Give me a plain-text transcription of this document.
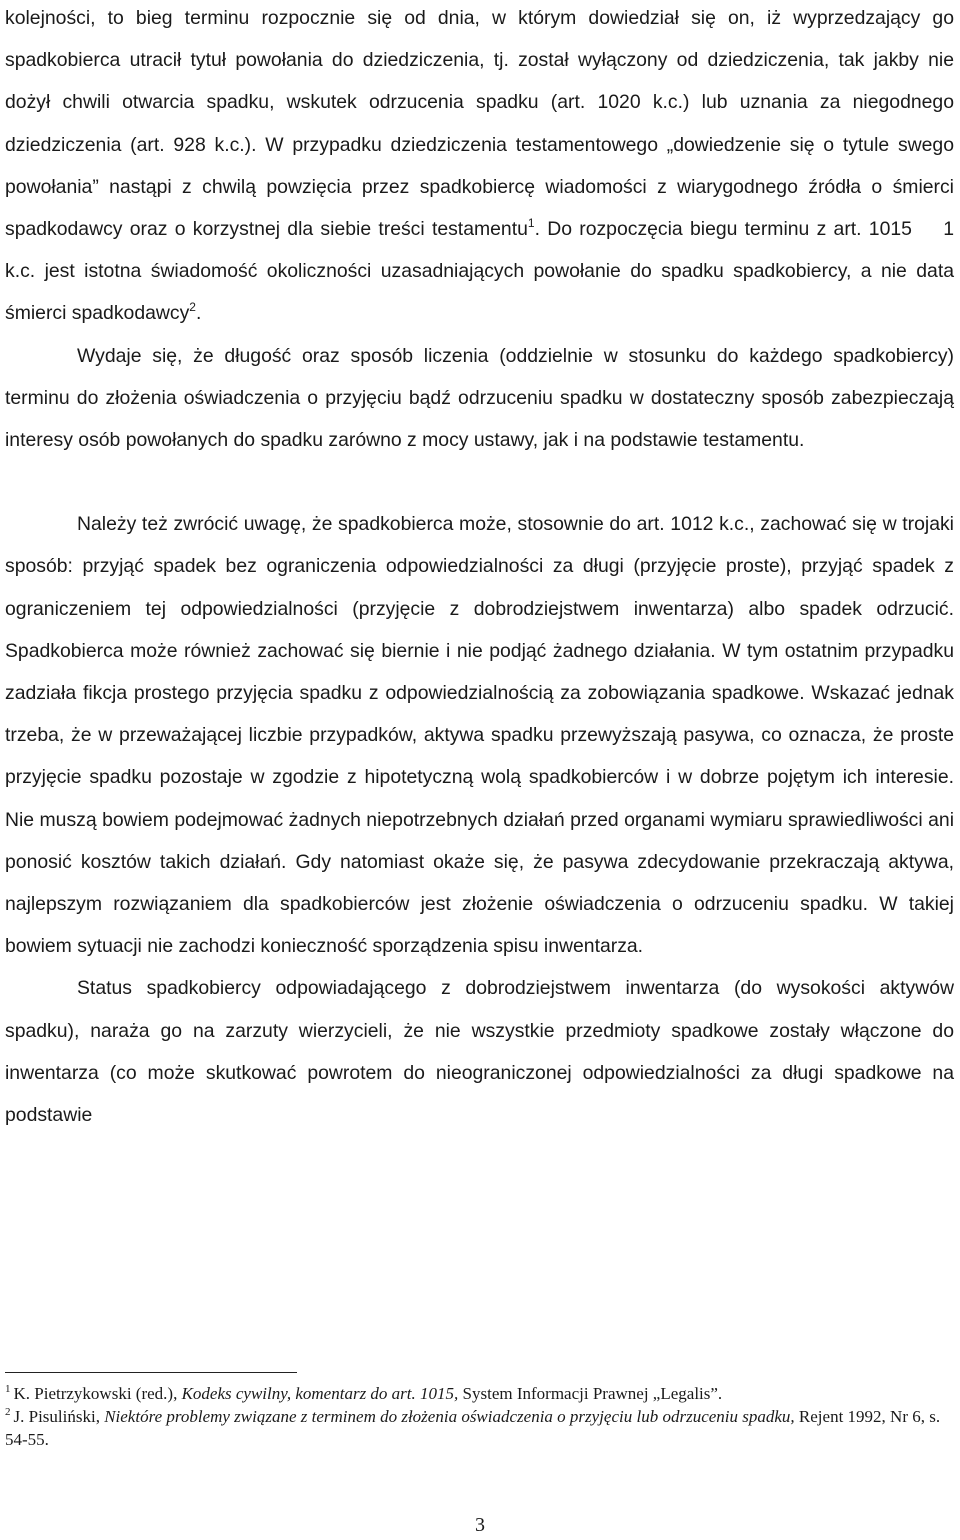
kolejności, to bieg terminu rozpocznie się od dnia, w którym dowiedział się on, iż wyprzedzający go spadkobierca utracił tytuł powołania do dziedziczenia, tj. został wyłączony od dziedziczenia, tak jakby nie dożył chwili otwarcia spadku, wskutek odrzucenia spadku (art. 1020 k.c.) lub uznania za niegodnego dziedziczenia (art. 928 k.c.). W przypadku dziedziczenia testamentowego „dowiedzenie się o tytule swego powołania” nastąpi z chwilą powzięcia przez spadkobiercę wiadomości z wiarygodnego źródła o śmierci spadkodawcy oraz o korzystnej dla siebie treści testamentu$^1$. Do rozpoczęcia biegu terminu z art. 1015 1 k.c. jest istotna świadomość okoliczności uzasadniających powołanie do spadku spadkobiercy, a nie data śmierci spadkodawcy$^2$.

Wydaje się, że długość oraz sposób liczenia (oddzielnie w stosunku do każdego spadkobiercy) terminu do złożenia oświadczenia o przyjęciu bądź odrzuceniu spadku w dostateczny sposób zabezpieczają interesy osób powołanych do spadku zarówno z mocy ustawy, jak i na podstawie testamentu.

Należy też zwrócić uwagę, że spadkobierca może, stosownie do art. 1012 k.c., zachować się w trojaki sposób: przyjąć spadek bez ograniczenia odpowiedzialności za długi (przyjęcie proste), przyjąć spadek z ograniczeniem tej odpowiedzialności (przyjęcie z dobrodziejstwem inwentarza) albo spadek odrzucić. Spadkobierca może również zachować się biernie i nie podjąć żadnego działania. W tym ostatnim przypadku zadziała fikcja prostego przyjęcia spadku z odpowiedzialnością za zobowiązania spadkowe. Wskazać jednak trzeba, że w przeważającej liczbie przypadków, aktywa spadku przewyższają pasywa, co oznacza, że proste przyjęcie spadku pozostaje w zgodzie z hipotetyczną wolą spadkobierców i w dobrze pojętym ich interesie. Nie muszą bowiem podejmować żadnych niepotrzebnych działań przed organami wymiaru sprawiedliwości ani ponosić kosztów takich działań. Gdy natomiast okaże się, że pasywa zdecydowanie przekraczają aktywa, najlepszym rozwiązaniem dla spadkobierców jest złożenie oświadczenia o odrzuceniu spadku. W takiej bowiem sytuacji nie zachodzi konieczność sporządzenia spisu inwentarza.

Status spadkobiercy odpowiadającego z dobrodziejstwem inwentarza (do wysokości aktywów spadku), naraża go na zarzuty wierzycieli, że nie wszystkie przedmioty spadkowe zostały włączone do inwentarza (co może skutkować powrotem do nieograniczonej odpowiedzialności za długi spadkowe na podstawie

$^1$ K. Pietrzykowski (red.), Kodeks cywilny, komentarz do art. 1015, System Informacji Prawnej „Legalis”.

$^2$ J. Pisuliński, Niektóre problemy związane z terminem do złożenia oświadczenia o przyjęciu lub odrzuceniu spadku, Rejent 1992, Nr 6, s. 54-55.

3
